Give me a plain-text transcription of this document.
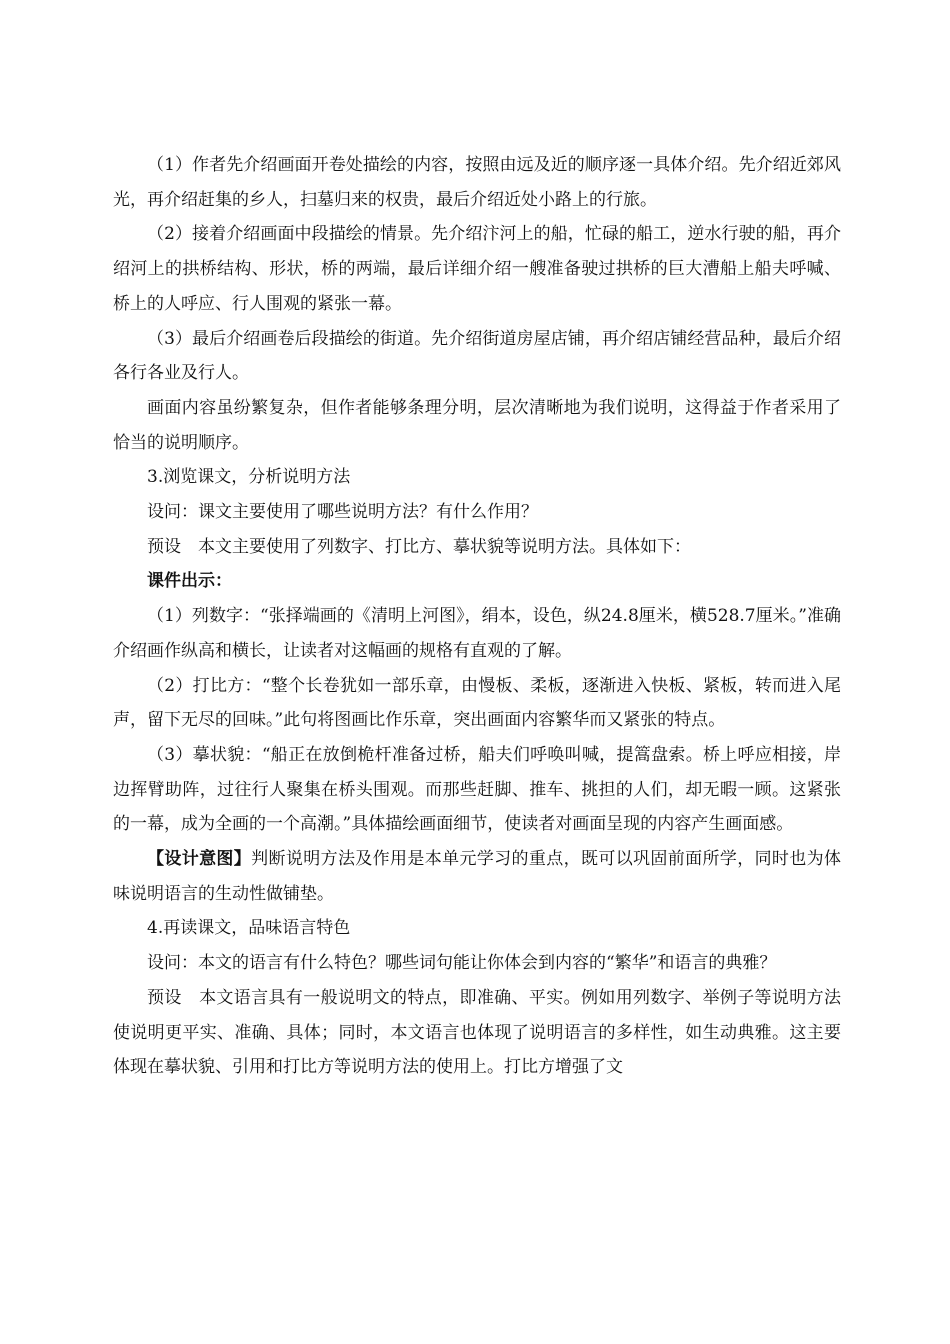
（1）作者先介绍画面开卷处描绘的内容，按照由远及近的顺序逐一具体介绍。先介绍近郊风光，再介绍赶集的乡人，扫墓归来的权贵，最后介绍近处小路上的行旅。

（2）接着介绍画面中段描绘的情景。先介绍汴河上的船，忙碌的船工，逆水行驶的船，再介绍河上的拱桥结构、形状，桥的两端，最后详细介绍一艘准备驶过拱桥的巨大漕船上船夫呼喊、桥上的人呼应、行人围观的紧张一幕。

（3）最后介绍画卷后段描绘的街道。先介绍街道房屋店铺，再介绍店铺经营品种，最后介绍各行各业及行人。

画面内容虽纷繁复杂，但作者能够条理分明，层次清晰地为我们说明，这得益于作者采用了恰当的说明顺序。

3.浏览课文，分析说明方法

设问：课文主要使用了哪些说明方法？有什么作用？

预设　本文主要使用了列数字、打比方、摹状貌等说明方法。具体如下：

课件出示：

（1）列数字：“张择端画的《清明上河图》，绢本，设色，纵24.8厘米，横528.7厘米。”准确介绍画作纵高和横长，让读者对这幅画的规格有直观的了解。

（2）打比方：“整个长卷犹如一部乐章，由慢板、柔板，逐渐进入快板、紧板，转而进入尾声，留下无尽的回味。”此句将图画比作乐章，突出画面内容繁华而又紧张的特点。

（3）摹状貌：“船正在放倒桅杆准备过桥，船夫们呼唤叫喊，提篙盘索。桥上呼应相接，岸边挥臂助阵，过往行人聚集在桥头围观。而那些赶脚、推车、挑担的人们，却无暇一顾。这紧张的一幕，成为全画的一个高潮。”具体描绘画面细节，使读者对画面呈现的内容产生画面感。

【设计意图】判断说明方法及作用是本单元学习的重点，既可以巩固前面所学，同时也为体味说明语言的生动性做铺垫。

4.再读课文，品味语言特色

设问：本文的语言有什么特色？哪些词句能让你体会到内容的“繁华”和语言的典雅？

预设　本文语言具有一般说明文的特点，即准确、平实。例如用列数字、举例子等说明方法使说明更平实、准确、具体；同时，本文语言也体现了说明语言的多样性，如生动典雅。这主要体现在摹状貌、引用和打比方等说明方法的使用上。打比方增强了文
